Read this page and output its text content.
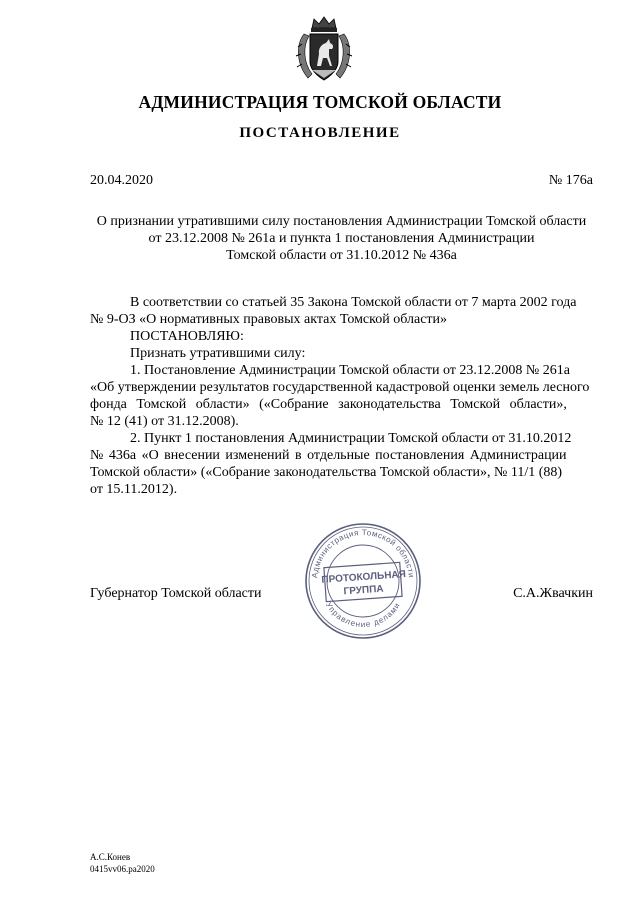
АДМИНИСТРАЦИЯ ТОМСКОЙ ОБЛАСТИ
ПОСТАНОВЛЕНИЕ
20.04.2020	№ 176а
О признании утратившими силу постановления Администрации Томской области
от 23.12.2008 № 261а и пункта 1 постановления Администрации
Томской области от 31.10.2012 № 436а
В соответствии со статьей 35 Закона Томской области от 7 марта 2002 года
№ 9-ОЗ «О нормативных правовых актах Томской области»
ПОСТАНОВЛЯЮ:
Признать утратившими силу:
1. Постановление Администрации Томской области от 23.12.2008 № 261а
«Об утверждении результатов государственной кадастровой оценки земель лесного
фонда Томской области» («Собрание законодательства Томской области»,
№ 12 (41) от 31.12.2008).
2. Пункт 1 постановления Администрации Томской области от 31.10.2012
№ 436а «О внесении изменений в отдельные постановления Администрации
Томской области» («Собрание законодательства Томской области», № 11/1 (88)
от 15.11.2012).
Губернатор Томской области	С.А.Жвачкин
Администрация Томской области
Управление делами
ПРОТОКОЛЬНАЯ
ГРУППА
А.С.Конев
0415vv06.pa2020
